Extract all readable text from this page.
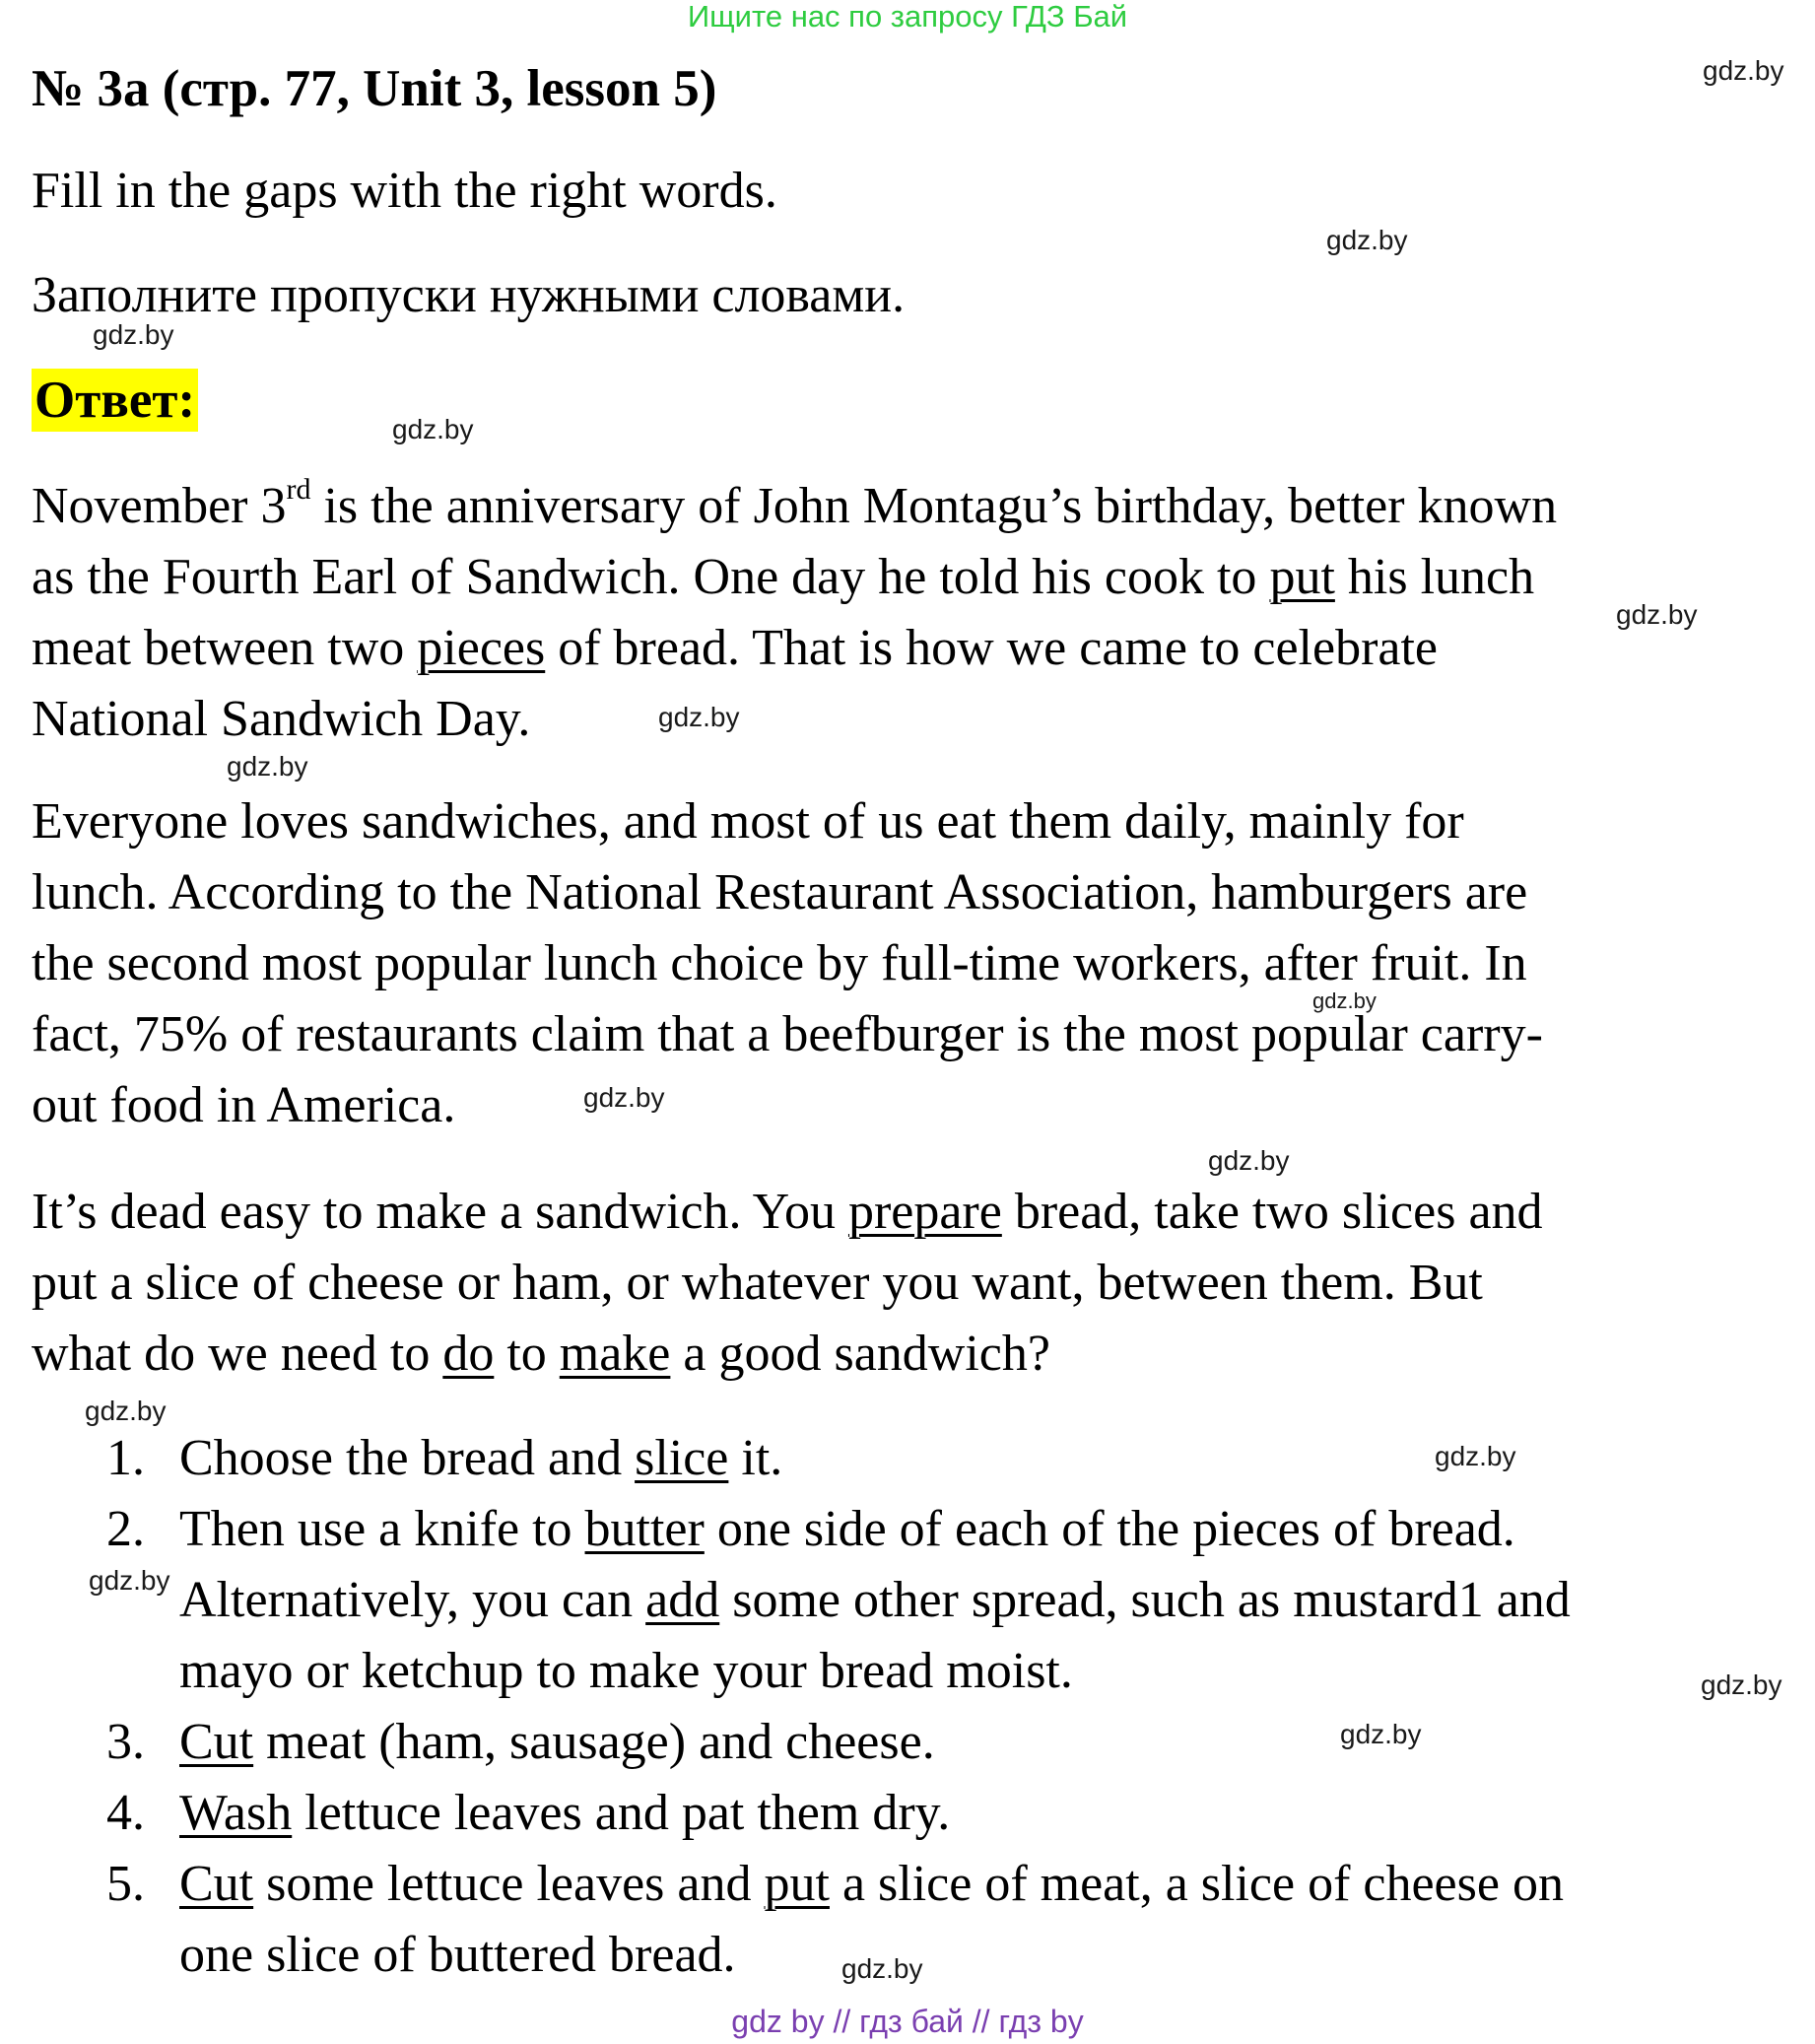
Ищите нас по запросу ГДЗ Бай
№ 3а (стр. 77, Unit 3, lesson 5)
Fill in the gaps with the right words.
Заполните пропуски нужными словами.
Ответ:
November 3rd is the anniversary of John Montagu’s birthday, better known
as the Fourth Earl of Sandwich. One day he told his cook to put his lunch
meat between two pieces of bread. That is how we came to celebrate
National Sandwich Day.
Everyone loves sandwiches, and most of us eat them daily, mainly for
lunch. According to the National Restaurant Association, hamburgers are
the second most popular lunch choice by full-time workers, after fruit. In
fact, 75% of restaurants claim that a beefburger is the most popular carry-
out food in America.
It’s dead easy to make a sandwich. You prepare bread, take two slices and
put a slice of cheese or ham, or whatever you want, between them. But
what do we need to do to make a good sandwich?
1. Choose the bread and slice it.
2. Then use a knife to butter one side of each of the pieces of bread.
Alternatively, you can add some other spread, such as mustard1 and
mayo or ketchup to make your bread moist.
3. Cut meat (ham, sausage) and cheese.
4. Wash lettuce leaves and pat them dry.
5. Cut some lettuce leaves and put a slice of meat, a slice of cheese on
one slice of buttered bread.
gdz.by
gdz.by
gdz.by
gdz.by
gdz.by
gdz.by
gdz.by
gdz.by
gdz.by
gdz.by
gdz.by
gdz.by
gdz.by
gdz.by
gdz.by
gdz.by
gdz by // гдз бай // гдз by
